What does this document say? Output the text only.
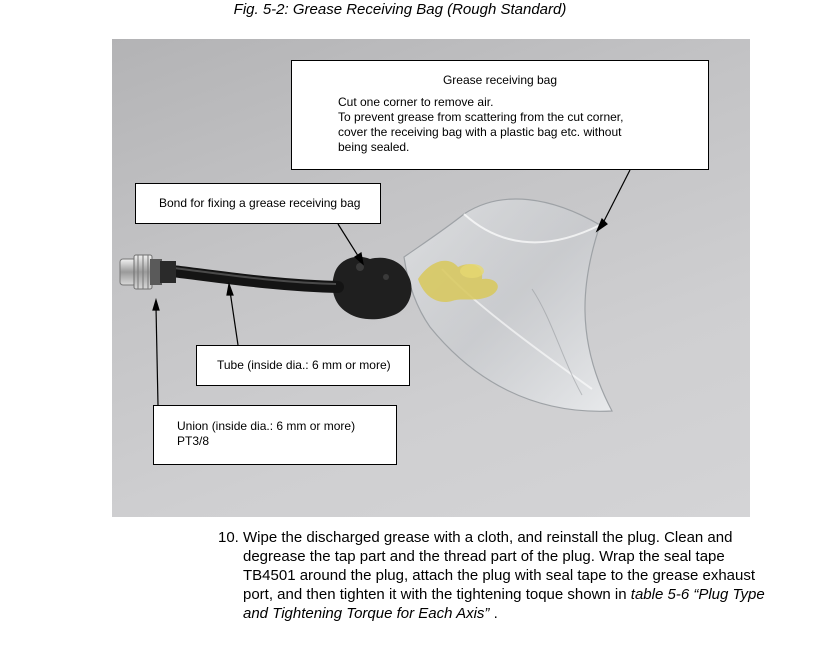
Fig. 5-2: Grease Receiving Bag (Rough Standard)
Grease receiving bag
Cut one corner to remove air.
To prevent grease from scattering from the cut corner,
cover the receiving bag with a plastic bag etc. without
being sealed.
Bond for fixing a grease receiving bag
Tube (inside dia.: 6 mm or more)
Union (inside dia.: 6 mm or more)
PT3/8
10. Wipe the discharged grease with a cloth, and reinstall the plug. Clean and degrease the tap part and the thread part of the plug. Wrap the seal tape TB4501 around the plug, attach the plug with seal tape to the grease exhaust port, and then tighten it with the tightening toque shown in table 5-6 “Plug Type and Tightening Torque for Each Axis” .
